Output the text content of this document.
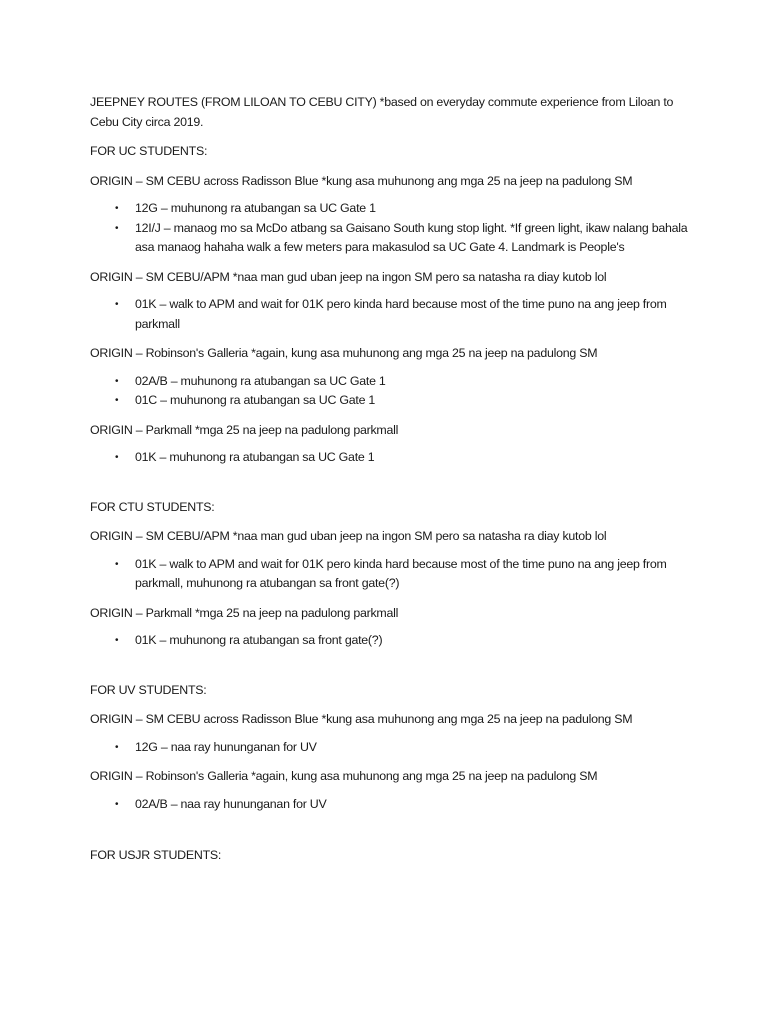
JEEPNEY ROUTES (FROM LILOAN TO CEBU CITY) *based on everyday commute experience from Liloan to Cebu City circa 2019.

FOR UC STUDENTS:

ORIGIN – SM CEBU across Radisson Blue *kung asa muhunong ang mga 25 na jeep na padulong SM

• 12G – muhunong ra atubangan sa UC Gate 1
• 12I/J – manaog mo sa McDo atbang sa Gaisano South kung stop light. *If green light, ikaw nalang bahala asa manaog hahaha walk a few meters para makasulod sa UC Gate 4. Landmark is People's

ORIGIN – SM CEBU/APM *naa man gud uban jeep na ingon SM pero sa natasha ra diay kutob lol

• 01K – walk to APM and wait for 01K pero kinda hard because most of the time puno na ang jeep from parkmall

ORIGIN – Robinson's Galleria *again, kung asa muhunong ang mga 25 na jeep na padulong SM

• 02A/B – muhunong ra atubangan sa UC Gate 1
• 01C – muhunong ra atubangan sa UC Gate 1

ORIGIN – Parkmall *mga 25 na jeep na padulong parkmall

• 01K – muhunong ra atubangan sa UC Gate 1

FOR CTU STUDENTS:

ORIGIN – SM CEBU/APM *naa man gud uban jeep na ingon SM pero sa natasha ra diay kutob lol

• 01K – walk to APM and wait for 01K pero kinda hard because most of the time puno na ang jeep from parkmall, muhunong ra atubangan sa front gate(?)

ORIGIN – Parkmall *mga 25 na jeep na padulong parkmall

• 01K – muhunong ra atubangan sa front gate(?)

FOR UV STUDENTS:

ORIGIN – SM CEBU across Radisson Blue *kung asa muhunong ang mga 25 na jeep na padulong SM

• 12G – naa ray hununganan for UV

ORIGIN – Robinson's Galleria *again, kung asa muhunong ang mga 25 na jeep na padulong SM

• 02A/B – naa ray hununganan for UV

FOR USJR STUDENTS:
